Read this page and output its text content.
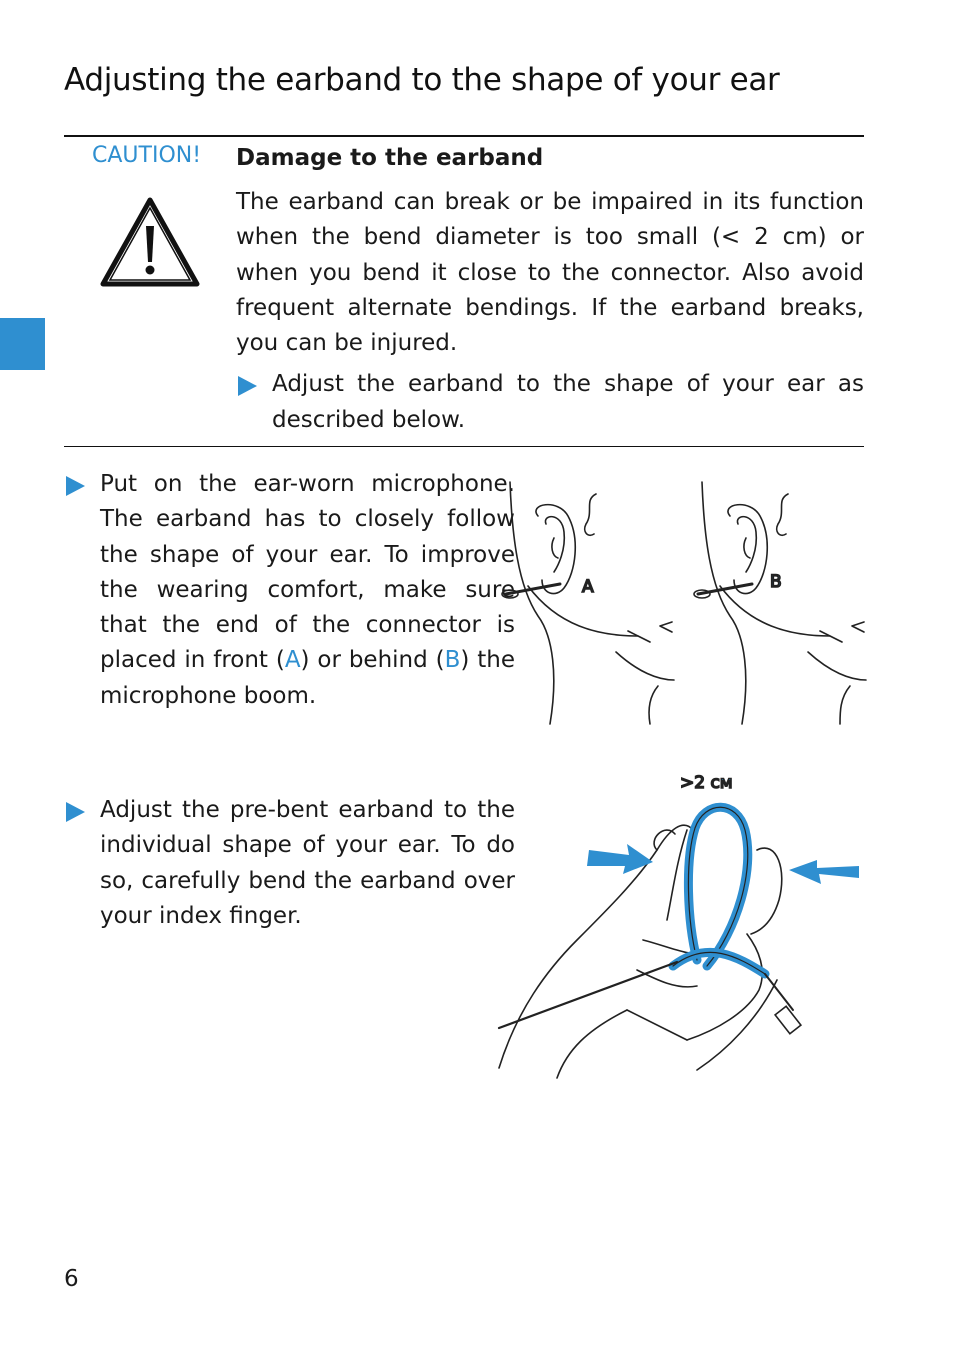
Adjusting the earband to the shape of your ear
CAUTION! Damage to the earband

The earband can break or be impaired in its function when the bend diameter is too small (< 2 cm) or when you bend it close to the connector. Also avoid frequent alternate bendings. If the earband breaks, you can be injured.

Adjust the earband to the shape of your ear as described below.

Put on the ear-worn microphone. The earband has to closely follow the shape of your ear. To improve the wearing comfort, make sure that the end of the connector is placed in front (A) or behind (B) the microphone boom.

Adjust the pre-bent earband to the individual shape of your ear. To do so, carefully bend the earband over your index finger.

A	B
>2 см
6
